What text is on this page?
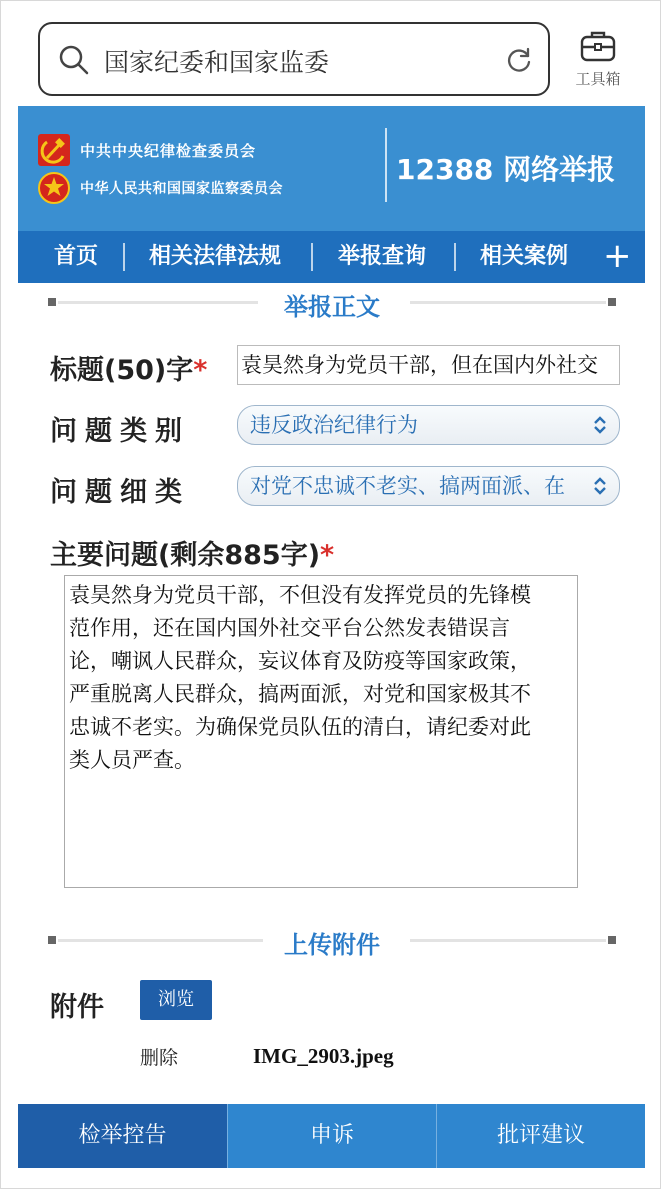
国家纪委和国家监委
工具箱
中共中央纪律检查委员会
中华人民共和国国家监察委员会
12388 网络举报
首页 相关法律法规	举报查询 相关案例 +
举报正文
标题(50)字* 袁昊然身为党员干部，但在国内外社交
问题类别	违反政治纪律行为
问题细类	对党不忠诚不老实、搞两面派、在
主要问题(剩余885字)*
袁昊然身为党员干部，不但没有发挥党员的先锋模
范作用，还在国内国外社交平台公然发表错误言
论，嘲讽人民群众，妄议体育及防疫等国家政策，
严重脱离人民群众，搞两面派，对党和国家极其不
忠诚不老实。为确保党员队伍的清白，请纪委对此
类人员严查。
上传附件
附件	浏览
删除	IMG_2903.jpeg
检举控告	申诉	批评建议
